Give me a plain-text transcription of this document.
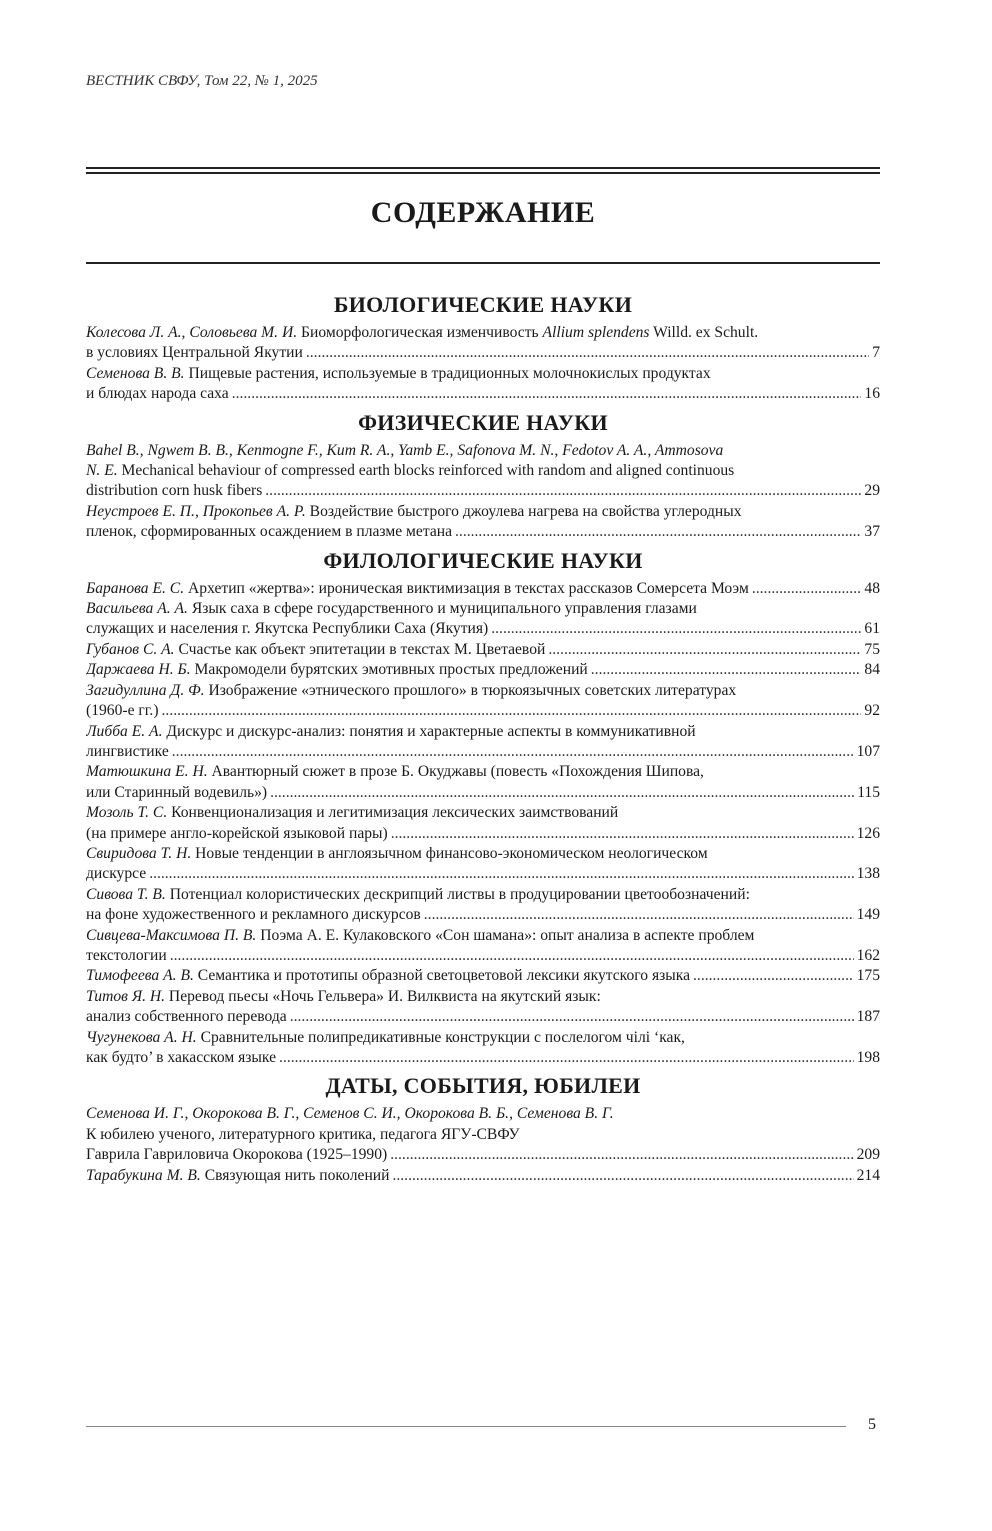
ВЕСТНИК СВФУ, Том 22, № 1, 2025
СОДЕРЖАНИЕ
БИОЛОГИЧЕСКИЕ НАУКИ
Колесова Л. А., Соловьева М. И. Биоморфологическая изменчивость Allium splendens Willd. ex Schult.
в условиях Центральной Якутии .....	7
Семенова В. В. Пищевые растения, используемые в традиционных молочнокислых продуктах
и блюдах народа саха .....	16
ФИЗИЧЕСКИЕ НАУКИ
Bahel B., Ngwem B. B., Kenmogne F., Kum R. A., Yamb E., Safonova M. N., Fedotov A. A., Ammosova
N. E. Mechanical behaviour of compressed earth blocks reinforced with random and aligned continuous
distribution corn husk fibers .....	29
Неустроев Е. П., Прокопьев А. Р. Воздействие быстрого джоулева нагрева на свойства углеродных
пленок, сформированных осаждением в плазме метана .....	37
ФИЛОЛОГИЧЕСКИЕ НАУКИ
Баранова Е. С. Архетип «жертва»: ироническая виктимизация в текстах рассказов Сомерсета Моэм .....	48
Васильева А. А. Язык саха в сфере государственного и муниципального управления глазами
служащих и населения г. Якутска Республики Саха (Якутия) .....	61
Губанов С. А. Счастье как объект эпитетации в текстах М. Цветаевой .....	75
Даржаева Н. Б. Макромодели бурятских эмотивных простых предложений .....	84
Загидуллина Д. Ф. Изображение «этнического прошлого» в тюркоязычных советских литературах
(1960-е гг.) .....	92
Либба Е. А. Дискурс и дискурс-анализ: понятия и характерные аспекты в коммуникативной
лингвистике .....	107
Матюшкина Е. Н. Авантюрный сюжет в прозе Б. Окуджавы (повесть «Похождения Шипова,
или Старинный водевиль») .....	115
Мозоль Т. С. Конвенционализация и легитимизация лексических заимствований
(на примере англо-корейской языковой пары) .....	126
Свиридова Т. Н. Новые тенденции в англоязычном финансово-экономическом неологическом
дискурсе .....	138
Сивова Т. В. Потенциал колористических дескрипций листвы в продуцировании цветообозначений:
на фоне художественного и рекламного дискурсов .....	149
Сивцева-Максимова П. В. Поэма А. Е. Кулаковского «Сон шамана»: опыт анализа в аспекте проблем
текстологии .....	162
Тимофеева А. В. Семантика и прототипы образной светоцветовой лексики якутского языка .....	175
Титов Я. Н. Перевод пьесы «Ночь Гельвера» И. Вилквиста на якутский язык:
анализ собственного перевода .....	187
Чугунекова А. Н. Сравнительные полипредикативные конструкции с послелогом чiлi ‘как,
как будто’ в хакасском языке .....	198
ДАТЫ, СОБЫТИЯ, ЮБИЛЕИ
Семенова И. Г., Окорокова В. Г., Семенов С. И., Окорокова В. Б., Семенова В. Г.
К юбилею ученого, литературного критика, педагога ЯГУ-СВФУ
Гаврила Гавриловича Окорокова (1925–1990) .....	209
Тарабукина М. В. Связующая нить поколений .....	214
5
